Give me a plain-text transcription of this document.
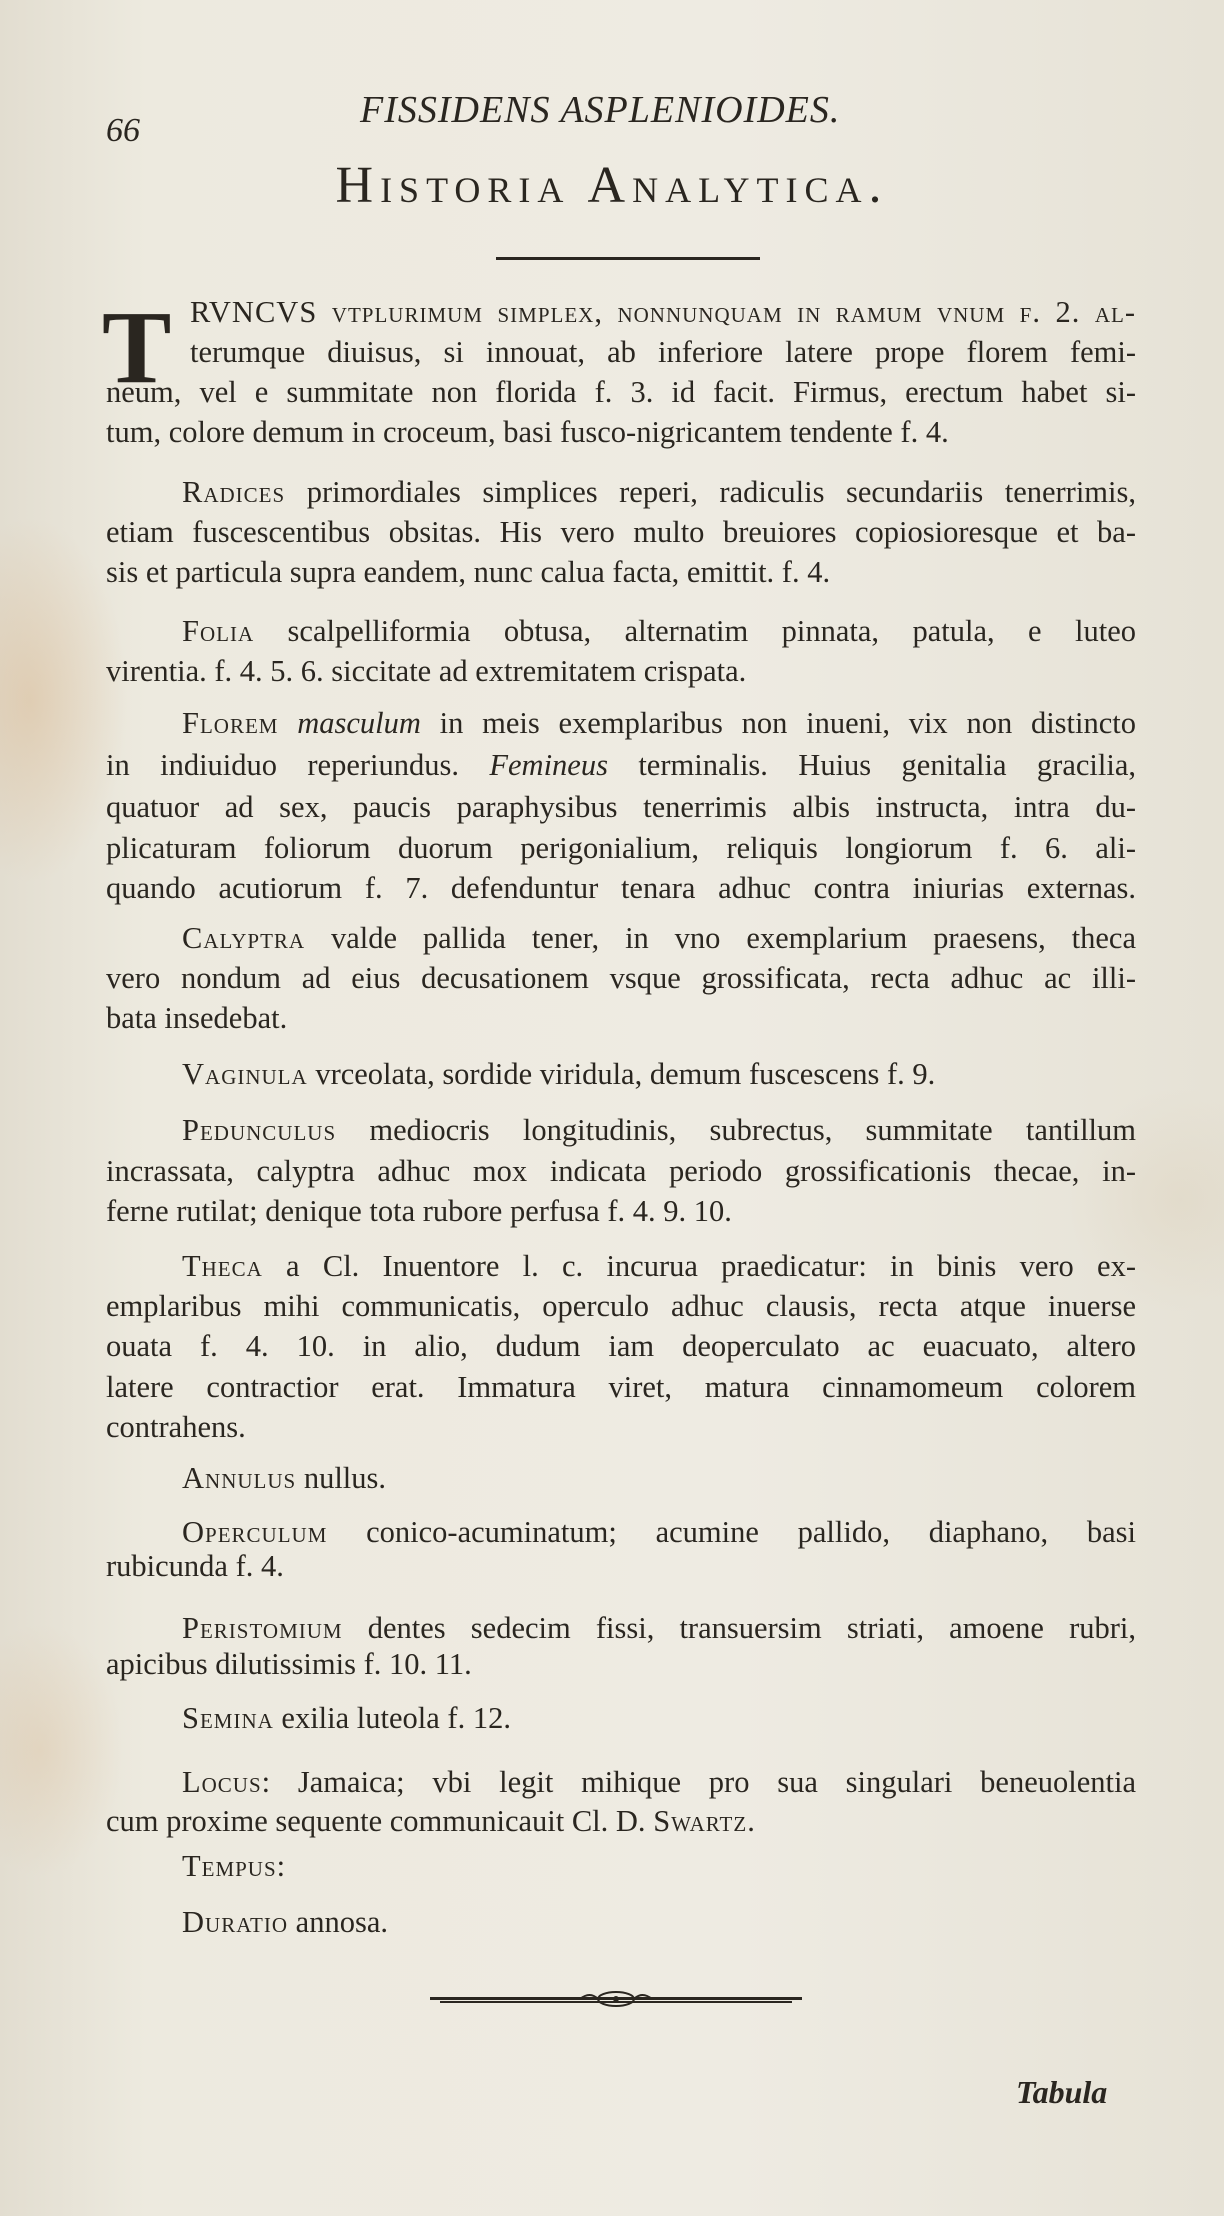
66	FISSIDENS ASPLENIOIDES.
Historia Analytica.
T RVNCVS vtplurimum simplex, nonnunquam in ramum vnum f. 2. al-
terumque diuisus, si innouat, ab inferiore latere prope florem femi-
neum, vel e summitate non florida f. 3. id facit. Firmus, erectum habet si-
tum, colore demum in croceum, basi fusco-nigricantem tendente f. 4.
Radices primordiales simplices reperi, radiculis secundariis tenerrimis,
etiam fuscescentibus obsitas. His vero multo breuiores copiosioresque et ba-
sis et particula supra eandem, nunc calua facta, emittit. f. 4.
Folia scalpelliformia obtusa, alternatim pinnata, patula, e luteo
virentia. f. 4. 5. 6. siccitate ad extremitatem crispata.
Florem masculum in meis exemplaribus non inueni, vix non distincto
in indiuiduo reperiundus. Femineus terminalis. Huius genitalia gracilia,
quatuor ad sex, paucis paraphysibus tenerrimis albis instructa, intra du-
plicaturam foliorum duorum perigonialium, reliquis longiorum f. 6. ali-
quando acutiorum f. 7. defenduntur tenara adhuc contra iniurias externas.
Calyptra valde pallida tener, in vno exemplarium praesens, theca
vero nondum ad eius decusationem vsque grossificata, recta adhuc ac illi-
bata insedebat.
Vaginula vrceolata, sordide viridula, demum fuscescens f. 9.
Pedunculus mediocris longitudinis, subrectus, summitate tantillum
incrassata, calyptra adhuc mox indicata periodo grossificationis thecae, in-
ferne rutilat; denique tota rubore perfusa f. 4. 9. 10.
Theca a Cl. Inuentore l. c. incurua praedicatur: in binis vero ex-
emplaribus mihi communicatis, operculo adhuc clausis, recta atque inuerse
ouata f. 4. 10. in alio, dudum iam deoperculato ac euacuato, altero
latere contractior erat. Immatura viret, matura cinnamomeum colorem
contrahens.
Annulus nullus.
Operculum conico-acuminatum; acumine pallido, diaphano, basi
rubicunda f. 4.
Peristomium dentes sedecim fissi, transuersim striati, amoene rubri,
apicibus dilutissimis f. 10. 11.
Semina exilia luteola f. 12.
Locus: Jamaica; vbi legit mihique pro sua singulari beneuolentia
cum proxime sequente communicauit Cl. D. Swartz.
Tempus:
Duratio annosa.
Tabula
